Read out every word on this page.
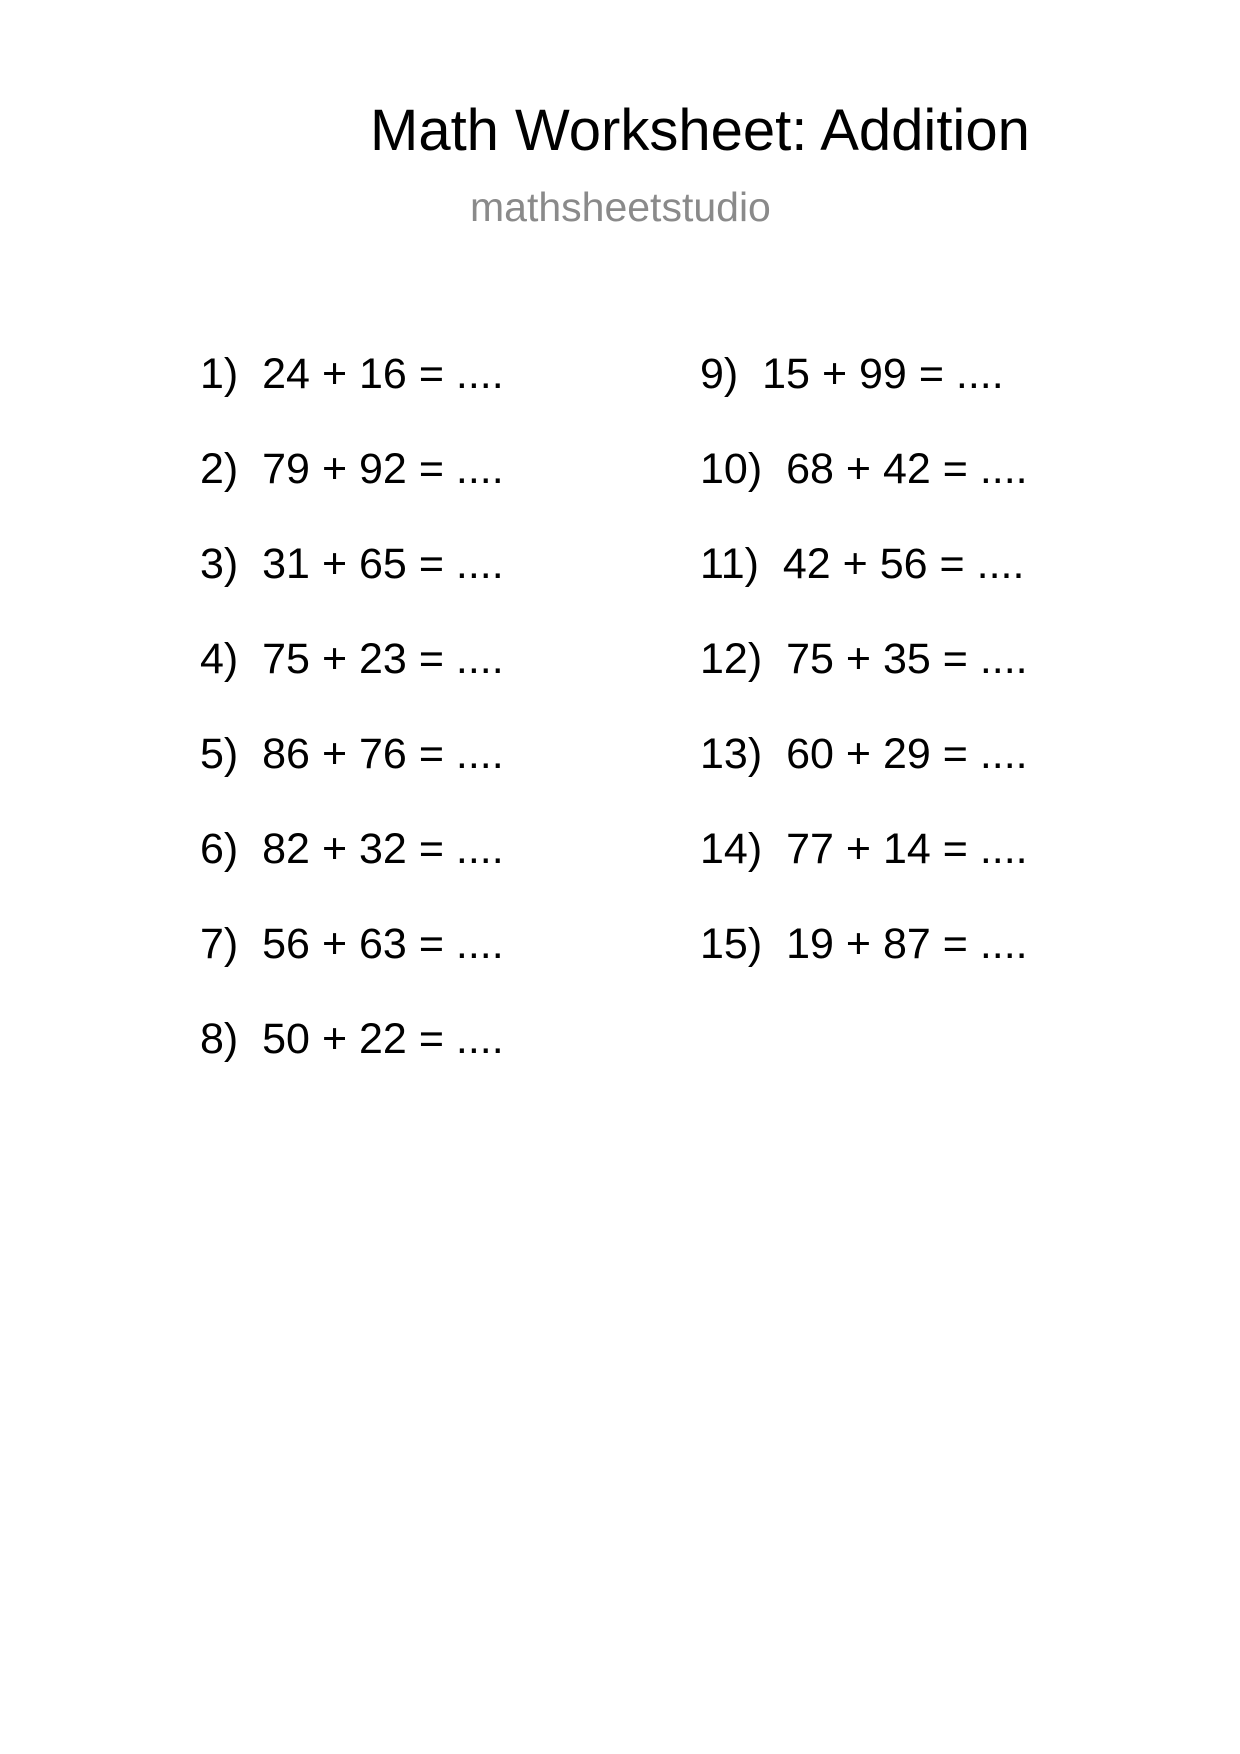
Math Worksheet: Addition
mathsheetstudio
1) 24 + 16 = ....
2) 79 + 92 = ....
3) 31 + 65 = ....
4) 75 + 23 = ....
5) 86 + 76 = ....
6) 82 + 32 = ....
7) 56 + 63 = ....
8) 50 + 22 = ....
9) 15 + 99 = ....
10) 68 + 42 = ....
11) 42 + 56 = ....
12) 75 + 35 = ....
13) 60 + 29 = ....
14) 77 + 14 = ....
15) 19 + 87 = ....
